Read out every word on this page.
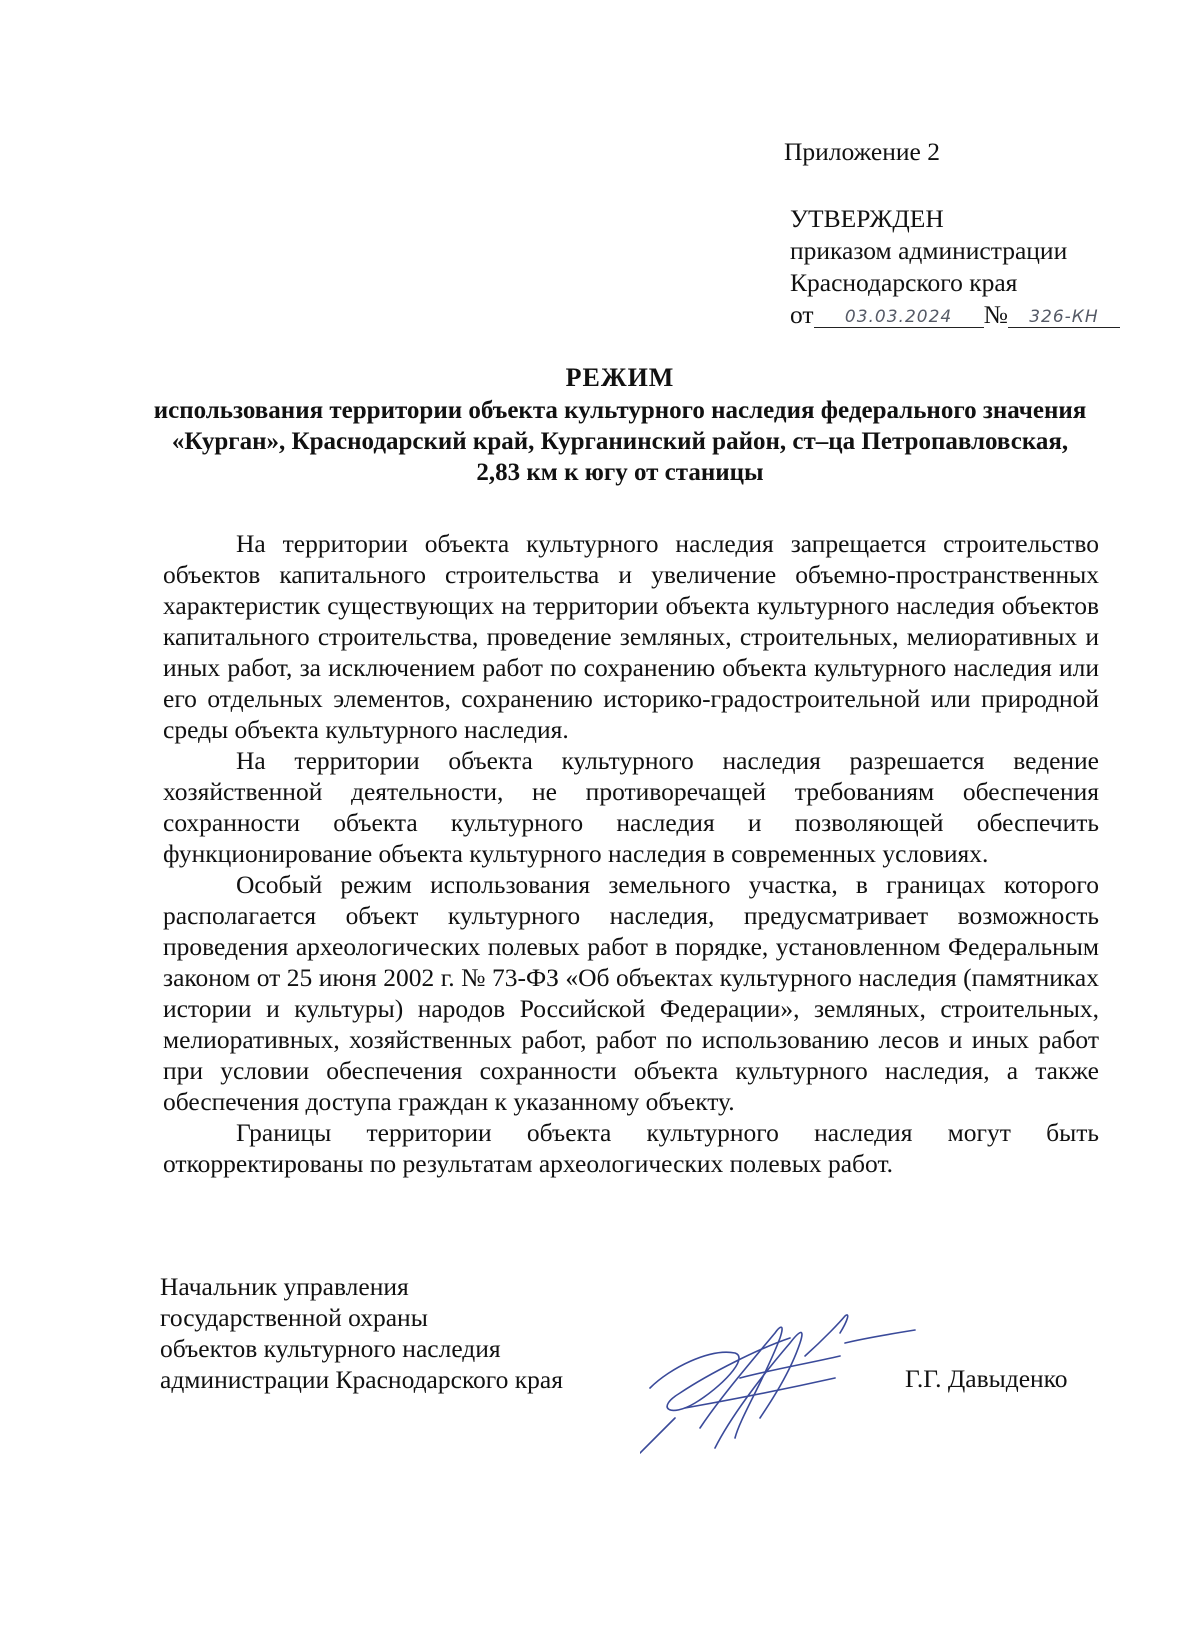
Приложение 2
УТВЕРЖДЕН
приказом администрации
Краснодарского края
от 03.03.2024 № 326-КН
РЕЖИМ
использования территории объекта культурного наследия федерального значения «Курган», Краснодарский край, Курганинский район, ст–ца Петропавловская, 2,83 км к югу от станицы

На территории объекта культурного наследия запрещается строительство объектов капитального строительства и увеличение объемно-пространственных характеристик существующих на территории объекта культурного наследия объектов капитального строительства, проведение земляных, строительных, мелиоративных и иных работ, за исключением работ по сохранению объекта культурного наследия или его отдельных элементов, сохранению историко-градостроительной или природной среды объекта культурного наследия.

На территории объекта культурного наследия разрешается ведение хозяйственной деятельности, не противоречащей требованиям обеспечения сохранности объекта культурного наследия и позволяющей обеспечить функционирование объекта культурного наследия в современных условиях.

Особый режим использования земельного участка, в границах которого располагается объект культурного наследия, предусматривает возможность проведения археологических полевых работ в порядке, установленном Федеральным законом от 25 июня 2002 г. № 73-ФЗ «Об объектах культурного наследия (памятниках истории и культуры) народов Российской Федерации», земляных, строительных, мелиоративных, хозяйственных работ, работ по использованию лесов и иных работ при условии обеспечения сохранности объекта культурного наследия, а также обеспечения доступа граждан к указанному объекту.

Границы территории объекта культурного наследия могут быть откорректированы по результатам археологических полевых работ.

Начальник управления
государственной охраны
объектов культурного наследия
администрации Краснодарского края	Г.Г. Давыденко
